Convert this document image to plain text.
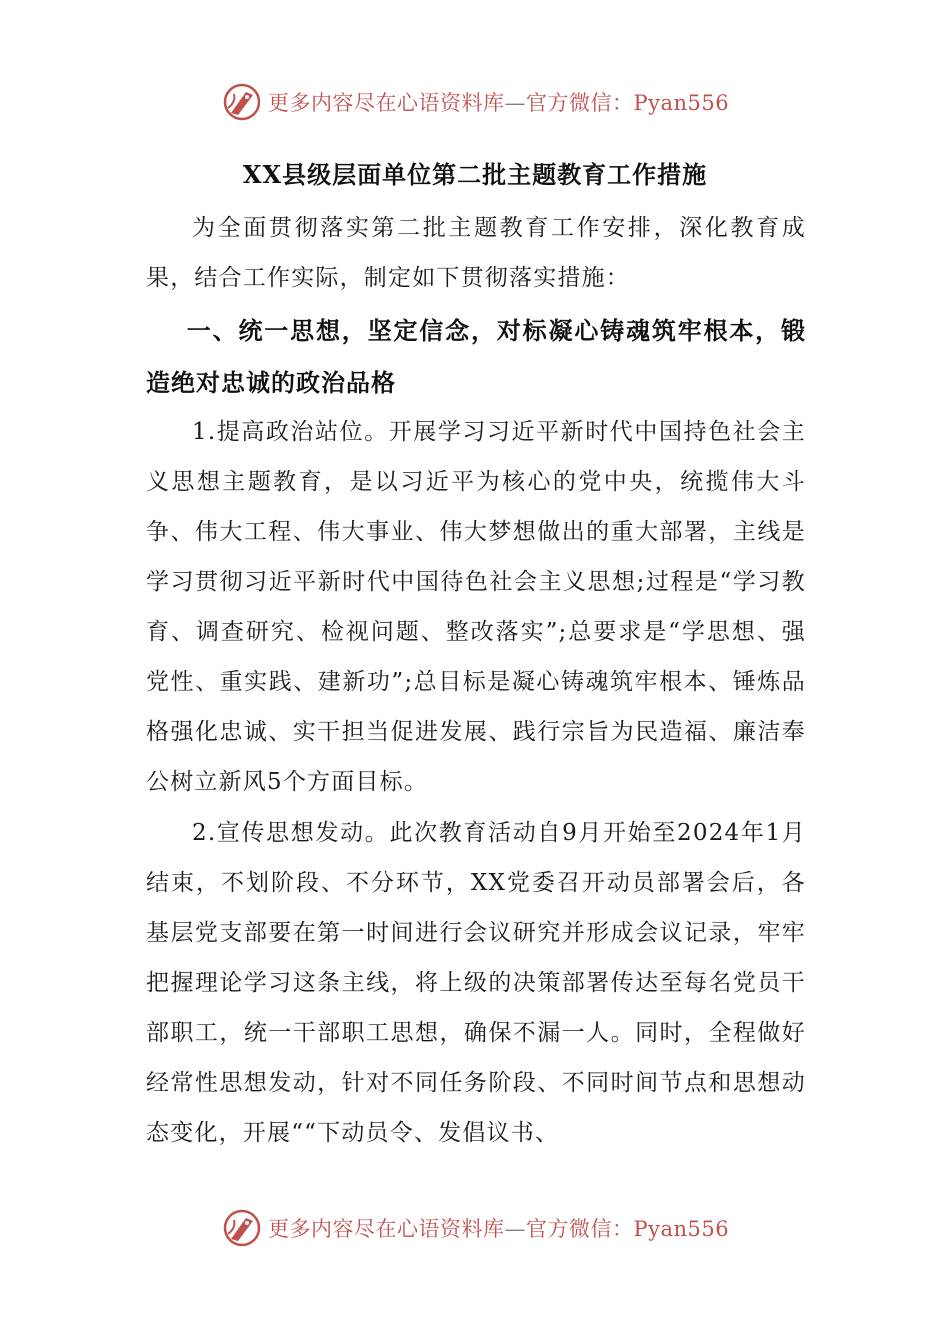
更多内容尽在心语资料库—官方微信：Pyan556
XX县级层面单位第二批主题教育工作措施

为全面贯彻落实第二批主题教育工作安排，深化教育成果，结合工作实际，制定如下贯彻落实措施：

一、统一思想，坚定信念，对标凝心铸魂筑牢根本，锻造绝对忠诚的政治品格

1.提高政治站位。开展学习习近平新时代中国持色社会主义思想主题教育，是以习近平为核心的党中央，统揽伟大斗争、伟大工程、伟大事业、伟大梦想做出的重大部署，主线是学习贯彻习近平新时代中国待色社会主义思想;过程是“学习教育、调查研究、检视问题、整改落实”;总要求是“学思想、强党性、重实践、建新功”;总目标是凝心铸魂筑牢根本、锤炼品格强化忠诚、实干担当促进发展、践行宗旨为民造福、廉洁奉公树立新风5个方面目标。

2.宣传思想发动。此次教育活动自9月开始至2024年1月结束，不划阶段、不分环节，XX党委召开动员部署会后，各基层党支部要在第一时间进行会议研究并形成会议记录，牢牢把握理论学习这条主线，将上级的决策部署传达至每名党员干部职工，统一干部职工思想，确保不漏一人。同时，全程做好经常性思想发动，针对不同任务阶段、不同时间节点和思想动态变化，开展““下动员令、发倡议书、

更多内容尽在心语资料库—官方微信：Pyan556
